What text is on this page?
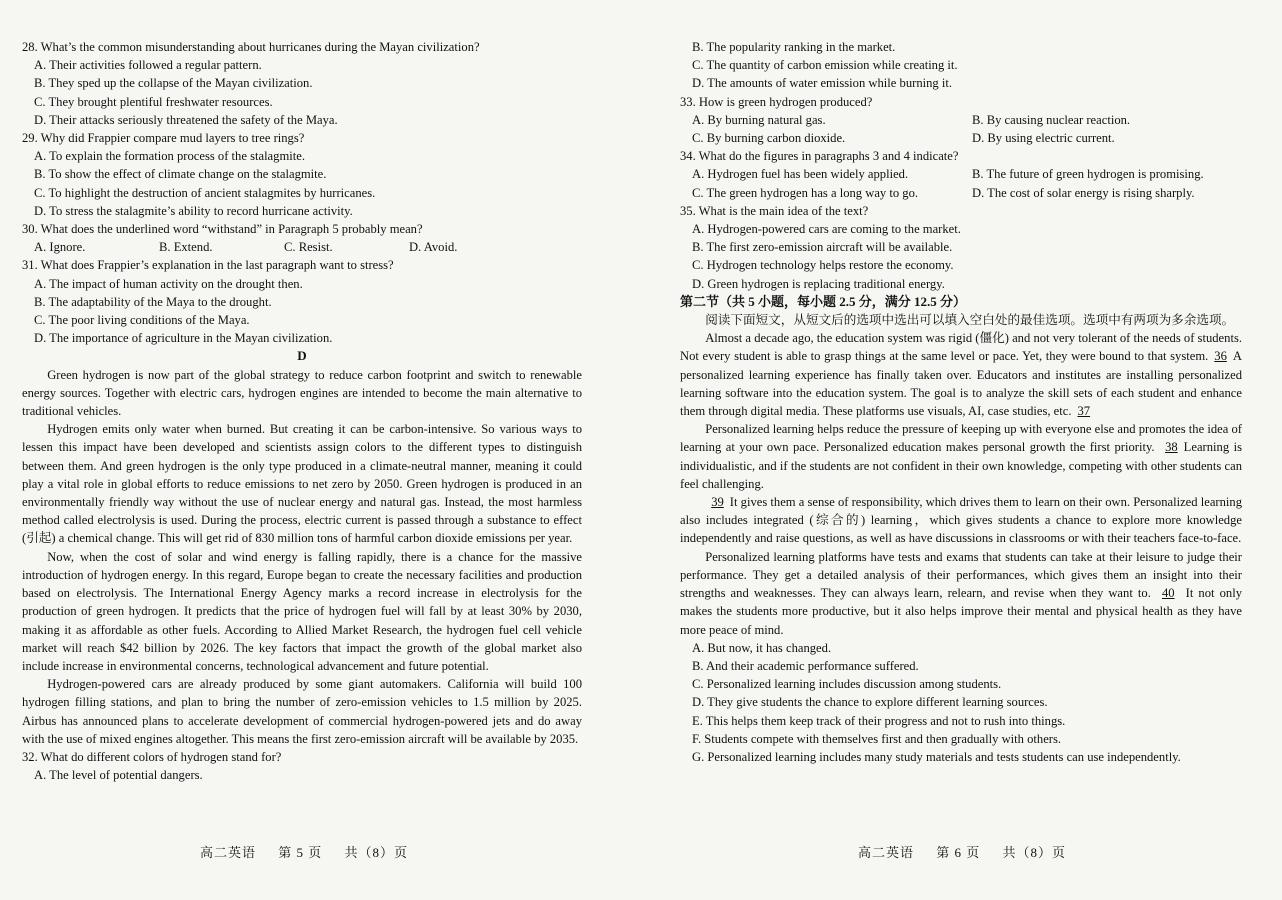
28. What’s the common misunderstanding about hurricanes during the Mayan civilization?
A. Their activities followed a regular pattern.
B. They sped up the collapse of the Mayan civilization.
C. They brought plentiful freshwater resources.
D. Their attacks seriously threatened the safety of the Maya.
29. Why did Frappier compare mud layers to tree rings?
A. To explain the formation process of the stalagmite.
B. To show the effect of climate change on the stalagmite.
C. To highlight the destruction of ancient stalagmites by hurricanes.
D. To stress the stalagmite’s ability to record hurricane activity.
30. What does the underlined word “withstand” in Paragraph 5 probably mean?
A. Ignore.	B. Extend.	C. Resist.	D. Avoid.
31. What does Frappier’s explanation in the last paragraph want to stress?
A. The impact of human activity on the drought then.
B. The adaptability of the Maya to the drought.
C. The poor living conditions of the Maya.
D. The importance of agriculture in the Mayan civilization.
D

Green hydrogen is now part of the global strategy to reduce carbon footprint and switch to renewable energy sources. Together with electric cars, hydrogen engines are intended to become the main alternative to traditional vehicles.

Hydrogen emits only water when burned. But creating it can be carbon-intensive. So various ways to lessen this impact have been developed and scientists assign colors to the different types to distinguish between them. And green hydrogen is the only type produced in a climate-neutral manner, meaning it could play a vital role in global efforts to reduce emissions to net zero by 2050. Green hydrogen is produced in an environmentally friendly way without the use of nuclear energy and natural gas. Instead, the most harmless method called electrolysis is used. During the process, electric current is passed through a substance to effect (引起) a chemical change. This will get rid of 830 million tons of harmful carbon dioxide emissions per year.

Now, when the cost of solar and wind energy is falling rapidly, there is a chance for the massive introduction of hydrogen energy. In this regard, Europe began to create the necessary facilities and production based on electrolysis. The International Energy Agency marks a record increase in electrolysis for the production of green hydrogen. It predicts that the price of hydrogen fuel will fall by at least 30% by 2030, making it as affordable as other fuels. According to Allied Market Research, the hydrogen fuel cell vehicle market will reach $42 billion by 2026. The key factors that impact the growth of the global market also include increase in environmental concerns, technological advancement and future potential.

Hydrogen-powered cars are already produced by some giant automakers. California will build 100 hydrogen filling stations, and plan to bring the number of zero-emission vehicles to 1.5 million by 2025. Airbus has announced plans to accelerate development of commercial hydrogen-powered jets and do away with the use of mixed engines altogether. This means the first zero-emission aircraft will be available by 2035.

32. What do different colors of hydrogen stand for?
A. The level of potential dangers.
高二英语 第 5 页 共（8）页
B. The popularity ranking in the market.
C. The quantity of carbon emission while creating it.
D. The amounts of water emission while burning it.
33. How is green hydrogen produced?
A. By burning natural gas.	B. By causing nuclear reaction.
C. By burning carbon dioxide.	D. By using electric current.
34. What do the figures in paragraphs 3 and 4 indicate?
A. Hydrogen fuel has been widely applied.	B. The future of green hydrogen is promising.
C. The green hydrogen has a long way to go.	D. The cost of solar energy is rising sharply.
35. What is the main idea of the text?
A. Hydrogen-powered cars are coming to the market.
B. The first zero-emission aircraft will be available.
C. Hydrogen technology helps restore the economy.
D. Green hydrogen is replacing traditional energy.
第二节（共 5 小题，每小题 2.5 分，满分 12.5 分）

阅读下面短文，从短文后的选项中选出可以填入空白处的最佳选项。选项中有两项为多余选项。

Almost a decade ago, the education system was rigid (僵化) and not very tolerant of the needs of students. Not every student is able to grasp things at the same level or pace. Yet, they were bound to that system. 36 A personalized learning experience has finally taken over. Educators and institutes are installing personalized learning software into the education system. The goal is to analyze the skill sets of each student and enhance them through digital media. These platforms use visuals, AI, case studies, etc. 37

Personalized learning helps reduce the pressure of keeping up with everyone else and promotes the idea of learning at your own pace. Personalized education makes personal growth the first priority. 38 Learning is individualistic, and if the students are not confident in their own knowledge, competing with other students can feel challenging.

39 It gives them a sense of responsibility, which drives them to learn on their own. Personalized learning also includes integrated (综合的) learning，which gives students a chance to explore more knowledge independently and raise questions, as well as have discussions in classrooms or with their teachers face-to-face.

Personalized learning platforms have tests and exams that students can take at their leisure to judge their performance. They get a detailed analysis of their performances, which gives them an insight into their strengths and weaknesses. They can always learn, relearn, and revise when they want to. 40 It not only makes the students more productive, but it also helps improve their mental and physical health as they have more peace of mind.

A. But now, it has changed.
B. And their academic performance suffered.
C. Personalized learning includes discussion among students.
D. They give students the chance to explore different learning sources.
E. This helps them keep track of their progress and not to rush into things.
F. Students compete with themselves first and then gradually with others.
G. Personalized learning includes many study materials and tests students can use independently.
高二英语 第 6 页 共（8）页
